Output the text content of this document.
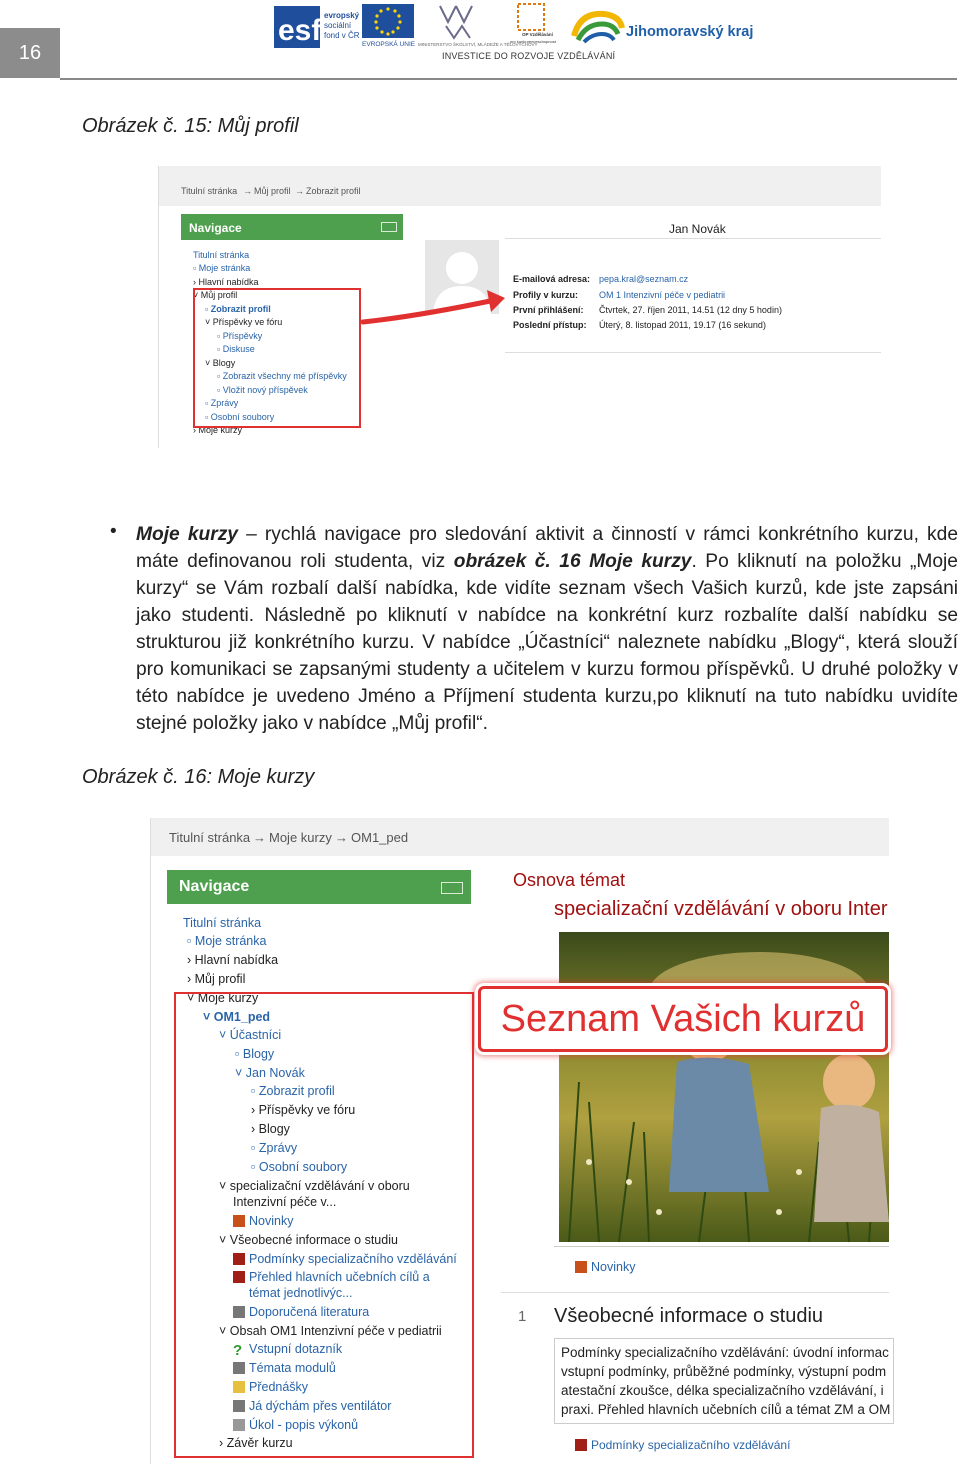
16
esf evropský
sociální
fond v ČR
EVROPSKÁ UNIE MINISTERSTVO ŠKOLSTVÍ, MLÁDEŽE A TĚLOVÝCHOVY
OP Vzdělávání
pro konkurenceschopnost
Jihomoravský kraj
INVESTICE DO ROZVOJE VZDĚLÁVÁNÍ
Obrázek č. 15: Můj profil
Titulní stránka → Můj profil → Zobrazit profil
Navigace
Titulní stránka
▫ Moje stránka
› Hlavní nabídka
˅ Můj profil
▫ Zobrazit profil
˅ Příspěvky ve fóru
▫ Příspěvky
▫ Diskuse
˅ Blogy
▫ Zobrazit všechny mé příspěvky
▫ Vložit nový příspěvek
▫ Zprávy
▫ Osobní soubory
› Moje kurzy
Jan Novák
E-mailová adresa: pepa.kral@seznam.cz
Profily v kurzu: OM 1 Intenzivní péče v pediatrii
První přihlášení: Čtvrtek, 27. říjen 2011, 14.51 (12 dny 5 hodin)
Poslední přístup: Úterý, 8. listopad 2011, 19.17 (16 sekund)
• Moje kurzy – rychlá navigace pro sledování aktivit a činností v rámci konkrétního kurzu, kde máte definovanou roli studenta, viz obrázek č. 16 Moje kurzy. Po kliknutí na položku „Moje kurzy“ se Vám rozbalí další nabídka, kde vidíte seznam všech Vašich kurzů, kde jste zapsáni jako studenti. Následně po kliknutí v nabídce na konkrétní kurz rozbalíte další nabídku se strukturou již konkrétního kurzu. V nabídce „Účastníci“ naleznete nabídku „Blogy“, která slouží pro komunikaci se zapsanými studenty a učitelem v kurzu formou příspěvků. U druhé položky v této nabídce je uvedeno Jméno a Příjmení studenta kurzu,po kliknutí na tuto nabídku uvidíte stejné položky jako v nabídce „Můj profil“.
Obrázek č. 16: Moje kurzy
Titulní stránka → Moje kurzy → OM1_ped
Navigace
Titulní stránka
▫ Moje stránka
› Hlavní nabídka
› Můj profil
˅ Moje kurzy
˅ OM1_ped
˅ Účastníci
▫ Blogy
˅ Jan Novák
▫ Zobrazit profil
› Příspěvky ve fóru
› Blogy
▫ Zprávy
▫ Osobní soubory
˅ specializační vzdělávání v oboru
Intenzivní péče v...
Novinky
˅ Všeobecné informace o studiu
Podmínky specializačního vzdělávání
Přehled hlavních učebních cílů a
témat jednotlivýc...
Doporučená literatura
˅ Obsah OM1 Intenzivní péče v pediatrii
? Vstupní dotazník
Témata modulů
Přednášky
Já dýchám přes ventilátor
Úkol - popis výkonů
› Závěr kurzu
Osnova témat
specializační vzdělávání v oboru Inter
Seznam Vašich kurzů
Novinky
1 Všeobecné informace o studiu
Podmínky specializačního vzdělávání: úvodní informac
vstupní podmínky, průběžné podmínky, výstupní podm
atestační zkoušce, délka specializačního vzdělávání, i
praxi. Přehled hlavních učebních cílů a témat ZM a OM
Podmínky specializačního vzdělávání
